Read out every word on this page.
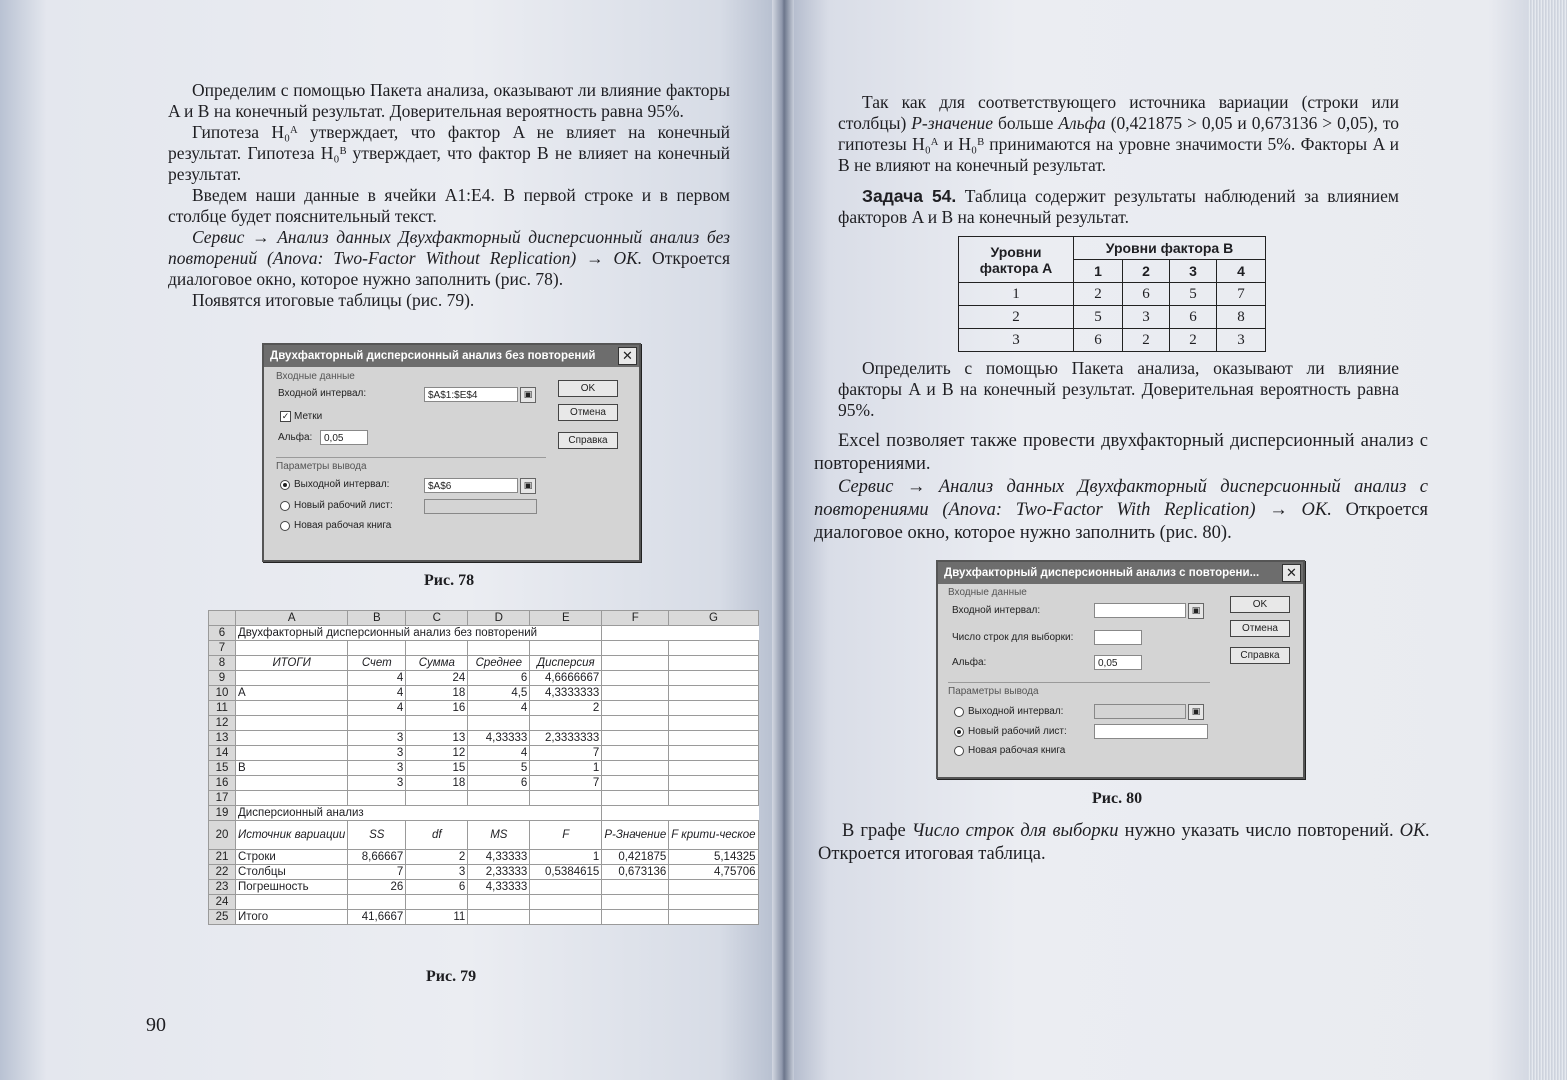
Определим с помощью Пакета анализа, оказывают ли влияние факторы A и B на конечный результат. Доверительная вероятность равна 95%.

Гипотеза H₀ᴬ утверждает, что фактор A не влияет на конечный результат. Гипотеза H₀ᴮ утверждает, что фактор B не влияет на конечный результат.

Введем наши данные в ячейки A1:E4. В первой строке и в первом столбце будет пояснительный текст.

Сервис → Анализ данных Двухфакторный дисперсионный анализ без повторений (Anova: Two-Factor Without Replication) → OK. Откроется диалоговое окно, которое нужно заполнить (рис. 78).

Появятся итоговые таблицы (рис. 79).

Двухфакторный дисперсионный анализ без повторений	✕
Входные данные
Входной интервал:	$A$1:$E$4	▣
✓ Метки
Альфа:	0,05
Параметры вывода
Выходной интервал:	$A$6	▣
Новый рабочий лист:
Новая рабочая книга
OK
Отмена
Справка
Рис. 78
	A	B	C	D	E	F	G
6	Двухфакторный дисперсионный анализ без повторений						
7							
8	ИТОГИ	Счет	Сумма	Среднее	Дисперсия		
9		4	24	6	4,6666667		
10	A	4	18	4,5	4,3333333		
11		4	16	4	2		
12							
13		3	13	4,33333	2,3333333		
14		3	12	4	7		
15	B	3	15	5	1		
16		3	18	6	7		
17							
19	Дисперсионный анализ						
20	Источник вариации	SS	df	MS	F	P-Значение	F крити-ческое
21	Строки	8,66667	2	4,33333	1	0,421875	5,14325
22	Столбцы	7	3	2,33333	0,5384615	0,673136	4,75706
23	Погрешность	26	6	4,33333			
24							
25	Итого	41,6667	11				
Рис. 79
90

Так как для соответствующего источника вариации (строки или столбцы) P-значение больше Альфа (0,421875 > 0,05 и 0,673136 > 0,05), то гипотезы H₀ᴬ и H₀ᴮ принимаются на уровне значимости 5%. Факторы A и B не влияют на конечный результат.

Задача 54. Таблица содержит результаты наблюдений за влиянием факторов A и B на конечный результат.

Уровни фактора A	Уровни фактора B			
	1	2	3	4
1	2	6	5	7
2	5	3	6	8
3	6	2	2	3

Определить с помощью Пакета анализа, оказывают ли влияние факторы A и B на конечный результат. Доверительная вероятность равна 95%.

Excel позволяет также провести двухфакторный дисперсионный анализ с повторениями.

Сервис → Анализ данных Двухфакторный дисперсионный анализ с повторениями (Anova: Two-Factor With Replication) → OK. Откроется диалоговое окно, которое нужно заполнить (рис. 80).

Двухфакторный дисперсионный анализ с повторени...	✕
Входные данные
Входной интервал:	▣
Число строк для выборки:
Альфа:	0,05
Параметры вывода
Выходной интервал:	▣
Новый рабочий лист:
Новая рабочая книга
OK
Отмена
Справка
Рис. 80

В графе Число строк для выборки нужно указать число повторений. OK. Откроется итоговая таблица.
